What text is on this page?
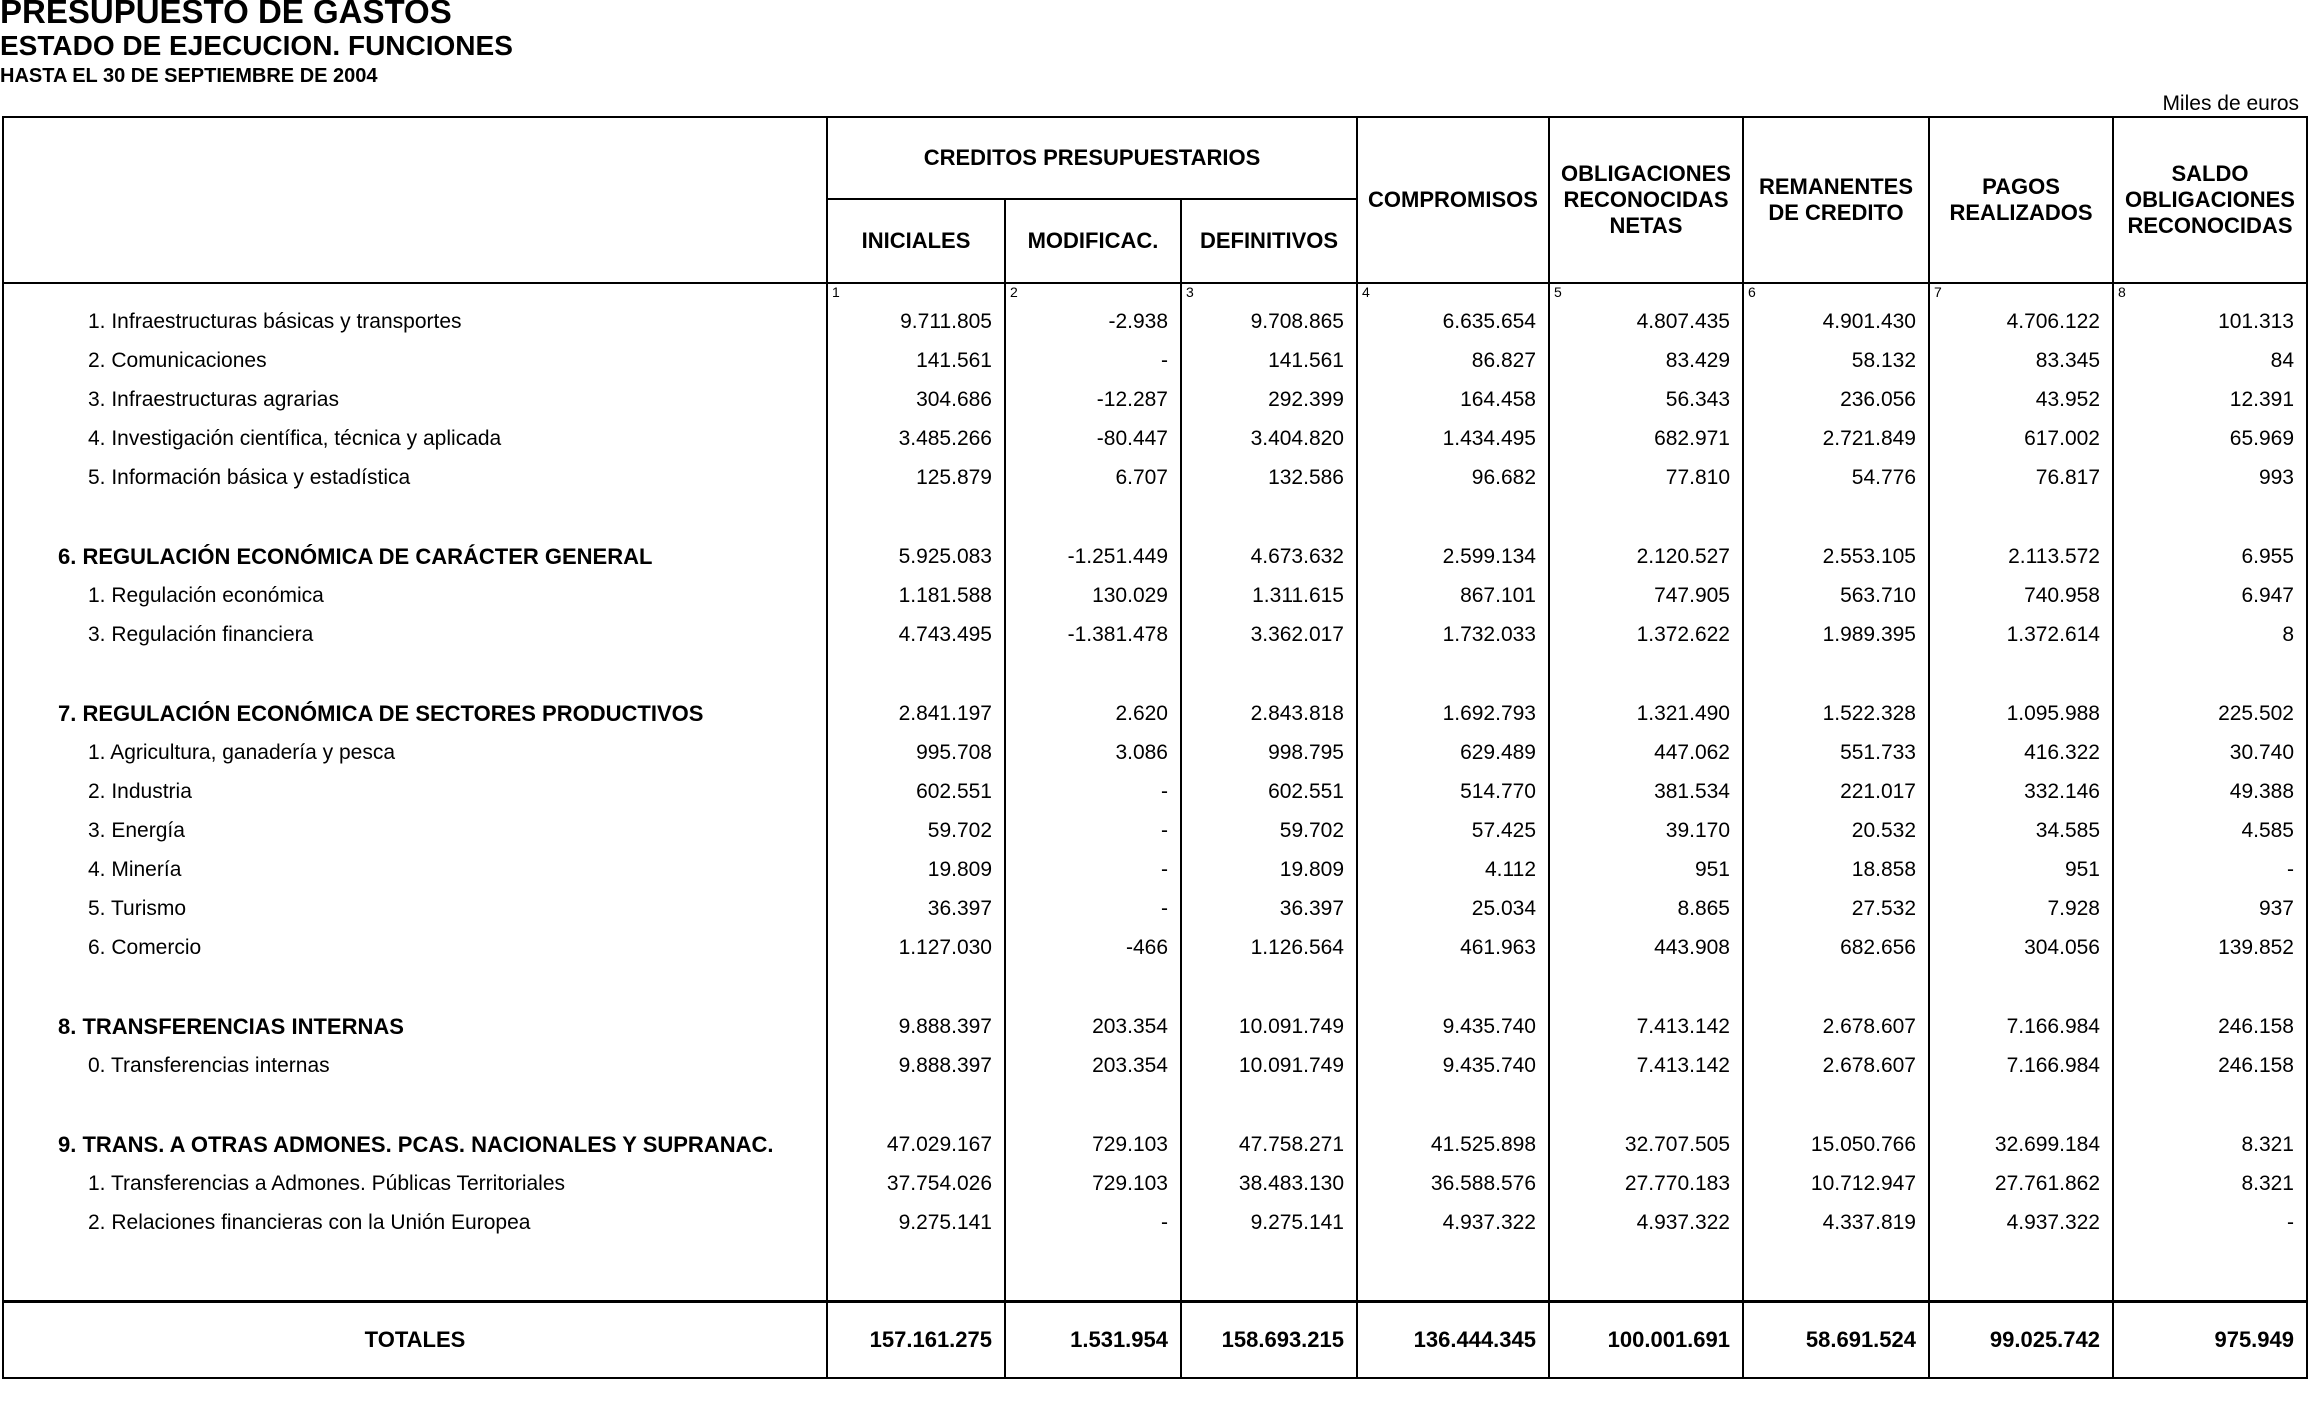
PRESUPUESTO DE GASTOS
ESTADO DE EJECUCION. FUNCIONES
HASTA EL 30 DE SEPTIEMBRE DE 2004
Miles de euros
	CREDITOS PRESUPUESTARIOS			COMPROMISOS	OBLIGACIONES RECONOCIDAS NETAS	REMANENTES DE CREDITO	PAGOS REALIZADOS	SALDO OBLIGACIONES RECONOCIDAS
	INICIALES	MODIFICAC.	DEFINITIVOS					
	1	2	3	4	5	6	7	8
1. Infraestructuras básicas y transportes	9.711.805	-2.938	9.708.865	6.635.654	4.807.435	4.901.430	4.706.122	101.313
2. Comunicaciones	141.561	-	141.561	86.827	83.429	58.132	83.345	84
3. Infraestructuras agrarias	304.686	-12.287	292.399	164.458	56.343	236.056	43.952	12.391
4. Investigación científica, técnica y aplicada	3.485.266	-80.447	3.404.820	1.434.495	682.971	2.721.849	617.002	65.969
5. Información básica y estadística	125.879	6.707	132.586	96.682	77.810	54.776	76.817	993

6. REGULACIÓN ECONÓMICA DE CARÁCTER GENERAL	5.925.083	-1.251.449	4.673.632	2.599.134	2.120.527	2.553.105	2.113.572	6.955
1. Regulación económica	1.181.588	130.029	1.311.615	867.101	747.905	563.710	740.958	6.947
3. Regulación financiera	4.743.495	-1.381.478	3.362.017	1.732.033	1.372.622	1.989.395	1.372.614	8

7. REGULACIÓN ECONÓMICA DE SECTORES PRODUCTIVOS	2.841.197	2.620	2.843.818	1.692.793	1.321.490	1.522.328	1.095.988	225.502
1. Agricultura, ganadería y pesca	995.708	3.086	998.795	629.489	447.062	551.733	416.322	30.740
2. Industria	602.551	-	602.551	514.770	381.534	221.017	332.146	49.388
3. Energía	59.702	-	59.702	57.425	39.170	20.532	34.585	4.585
4. Minería	19.809	-	19.809	4.112	951	18.858	951	-
5. Turismo	36.397	-	36.397	25.034	8.865	27.532	7.928	937
6. Comercio	1.127.030	-466	1.126.564	461.963	443.908	682.656	304.056	139.852

8. TRANSFERENCIAS INTERNAS	9.888.397	203.354	10.091.749	9.435.740	7.413.142	2.678.607	7.166.984	246.158
0. Transferencias internas	9.888.397	203.354	10.091.749	9.435.740	7.413.142	2.678.607	7.166.984	246.158

9. TRANS. A OTRAS ADMONES. PCAS. NACIONALES Y SUPRANAC.	47.029.167	729.103	47.758.271	41.525.898	32.707.505	15.050.766	32.699.184	8.321
1. Transferencias a Admones. Públicas Territoriales	37.754.026	729.103	38.483.130	36.588.576	27.770.183	10.712.947	27.761.862	8.321
2. Relaciones financieras con la Unión Europea	9.275.141	-	9.275.141	4.937.322	4.937.322	4.337.819	4.937.322	-

TOTALES	157.161.275	1.531.954	158.693.215	136.444.345	100.001.691	58.691.524	99.025.742	975.949
